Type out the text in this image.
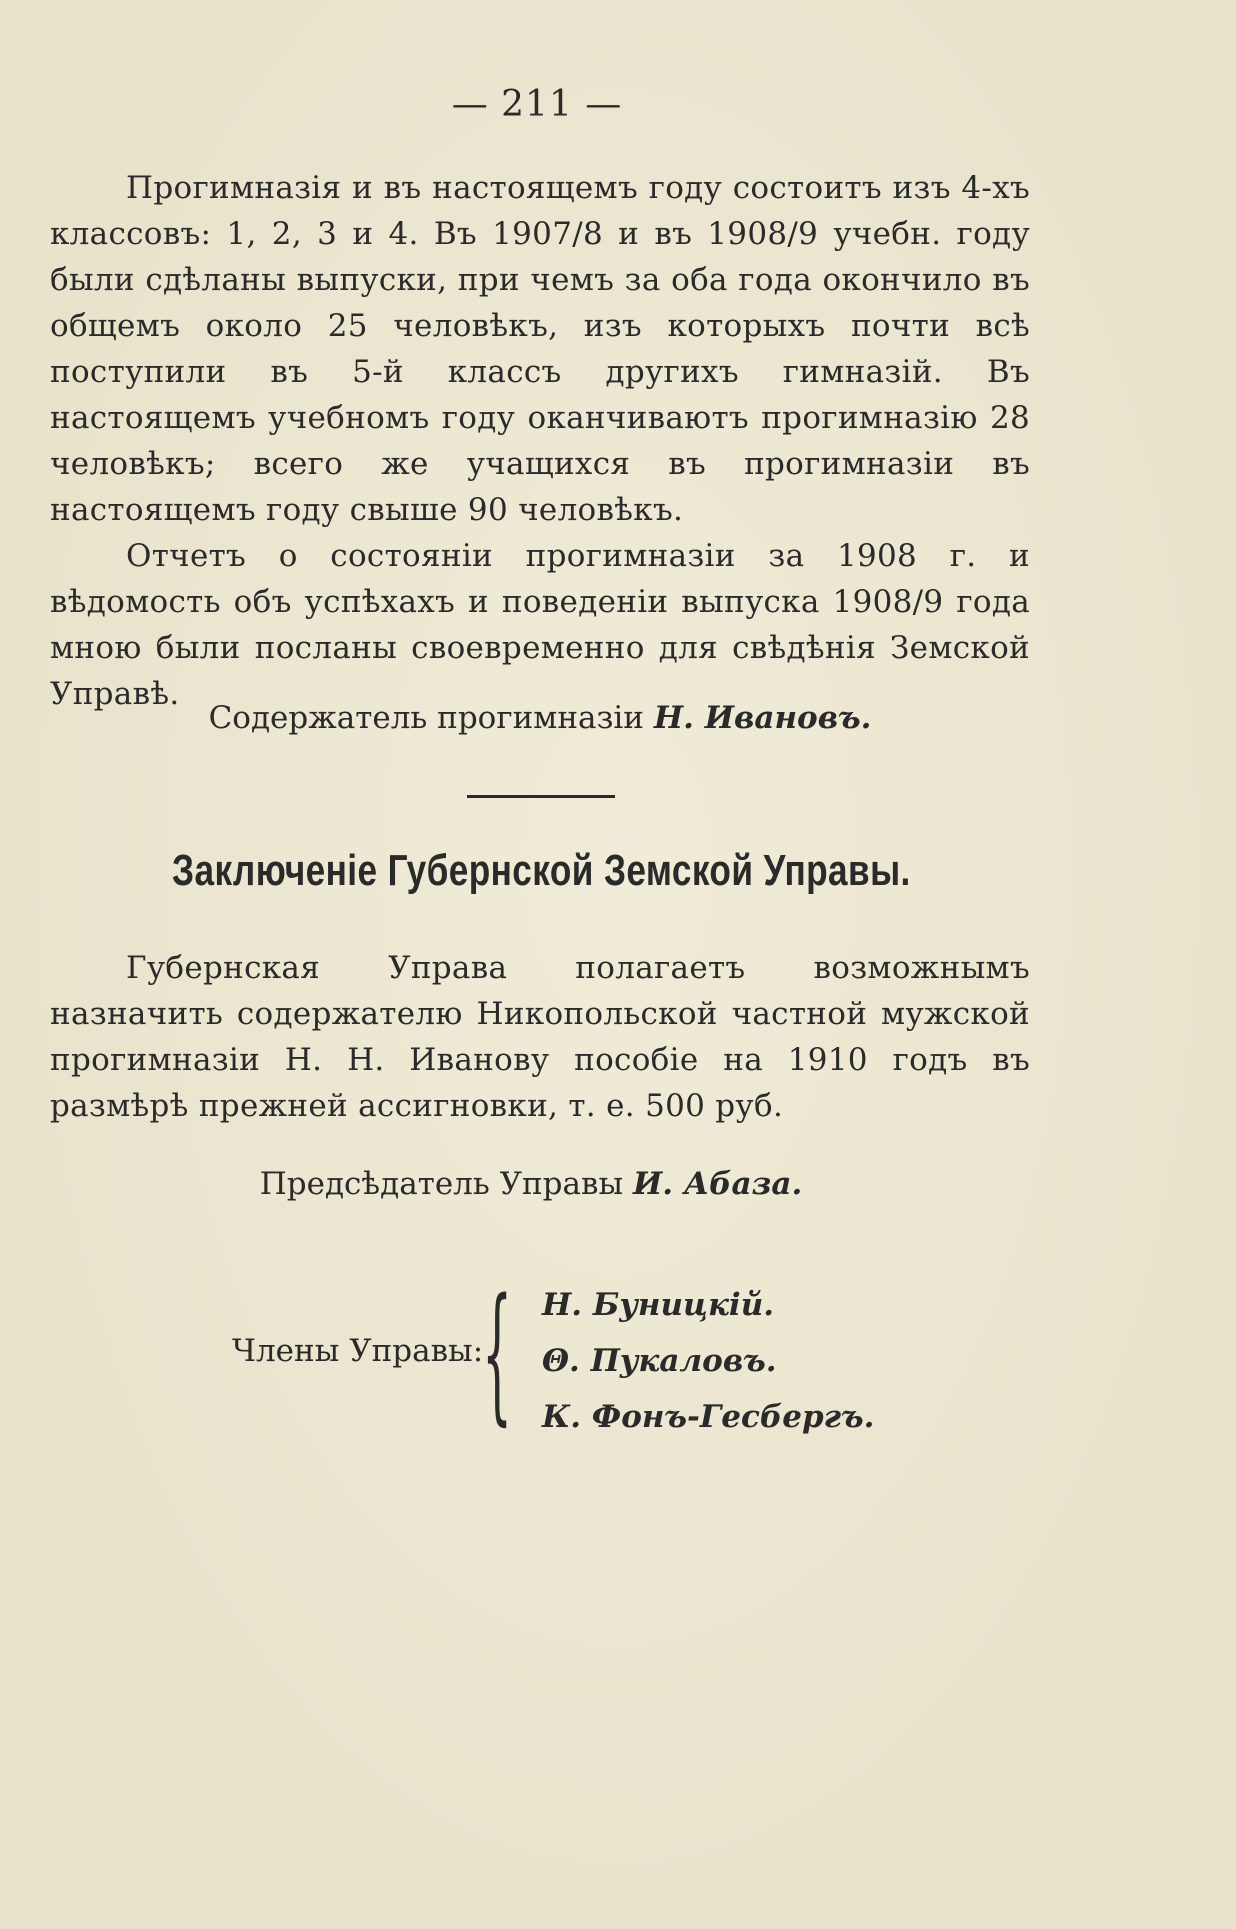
— 211 —

Прогимназія и въ настоящемъ году состоитъ изъ 4-хъ классовъ: 1, 2, 3 и 4. Въ 1907/8 и въ 1908/9 учебн. году были сдѣланы выпуски, при чемъ за оба года окончило въ общемъ около 25 человѣкъ, изъ которыхъ почти всѣ поступили въ 5-й классъ другихъ гимназій. Въ настоящемъ учебномъ году оканчиваютъ прогимназію 28 человѣкъ; всего же учащихся въ прогимназіи въ настоящемъ году свыше 90 человѣкъ.

Отчетъ о состояніи прогимназіи за 1908 г. и вѣдомость объ успѣхахъ и поведеніи выпуска 1908/9 года мною были посланы своевременно для свѣдѣнія Земской Управѣ.

Содержатель прогимназіи Н. Ивановъ.
Заключеніе Губернской Земской Управы.

Губернская Управа полагаетъ возможнымъ назначить содержателю Никопольской частной мужской прогимназіи Н. Н. Иванову пособіе на 1910 годъ въ размѣрѣ прежней ассигновки, т. е. 500 руб.

Предсѣдатель Управы И. Абаза.
Члены Управы:
{ Н. Буницкій.
Θ. Пукаловъ.
К. Фонъ-Гесбергъ.
